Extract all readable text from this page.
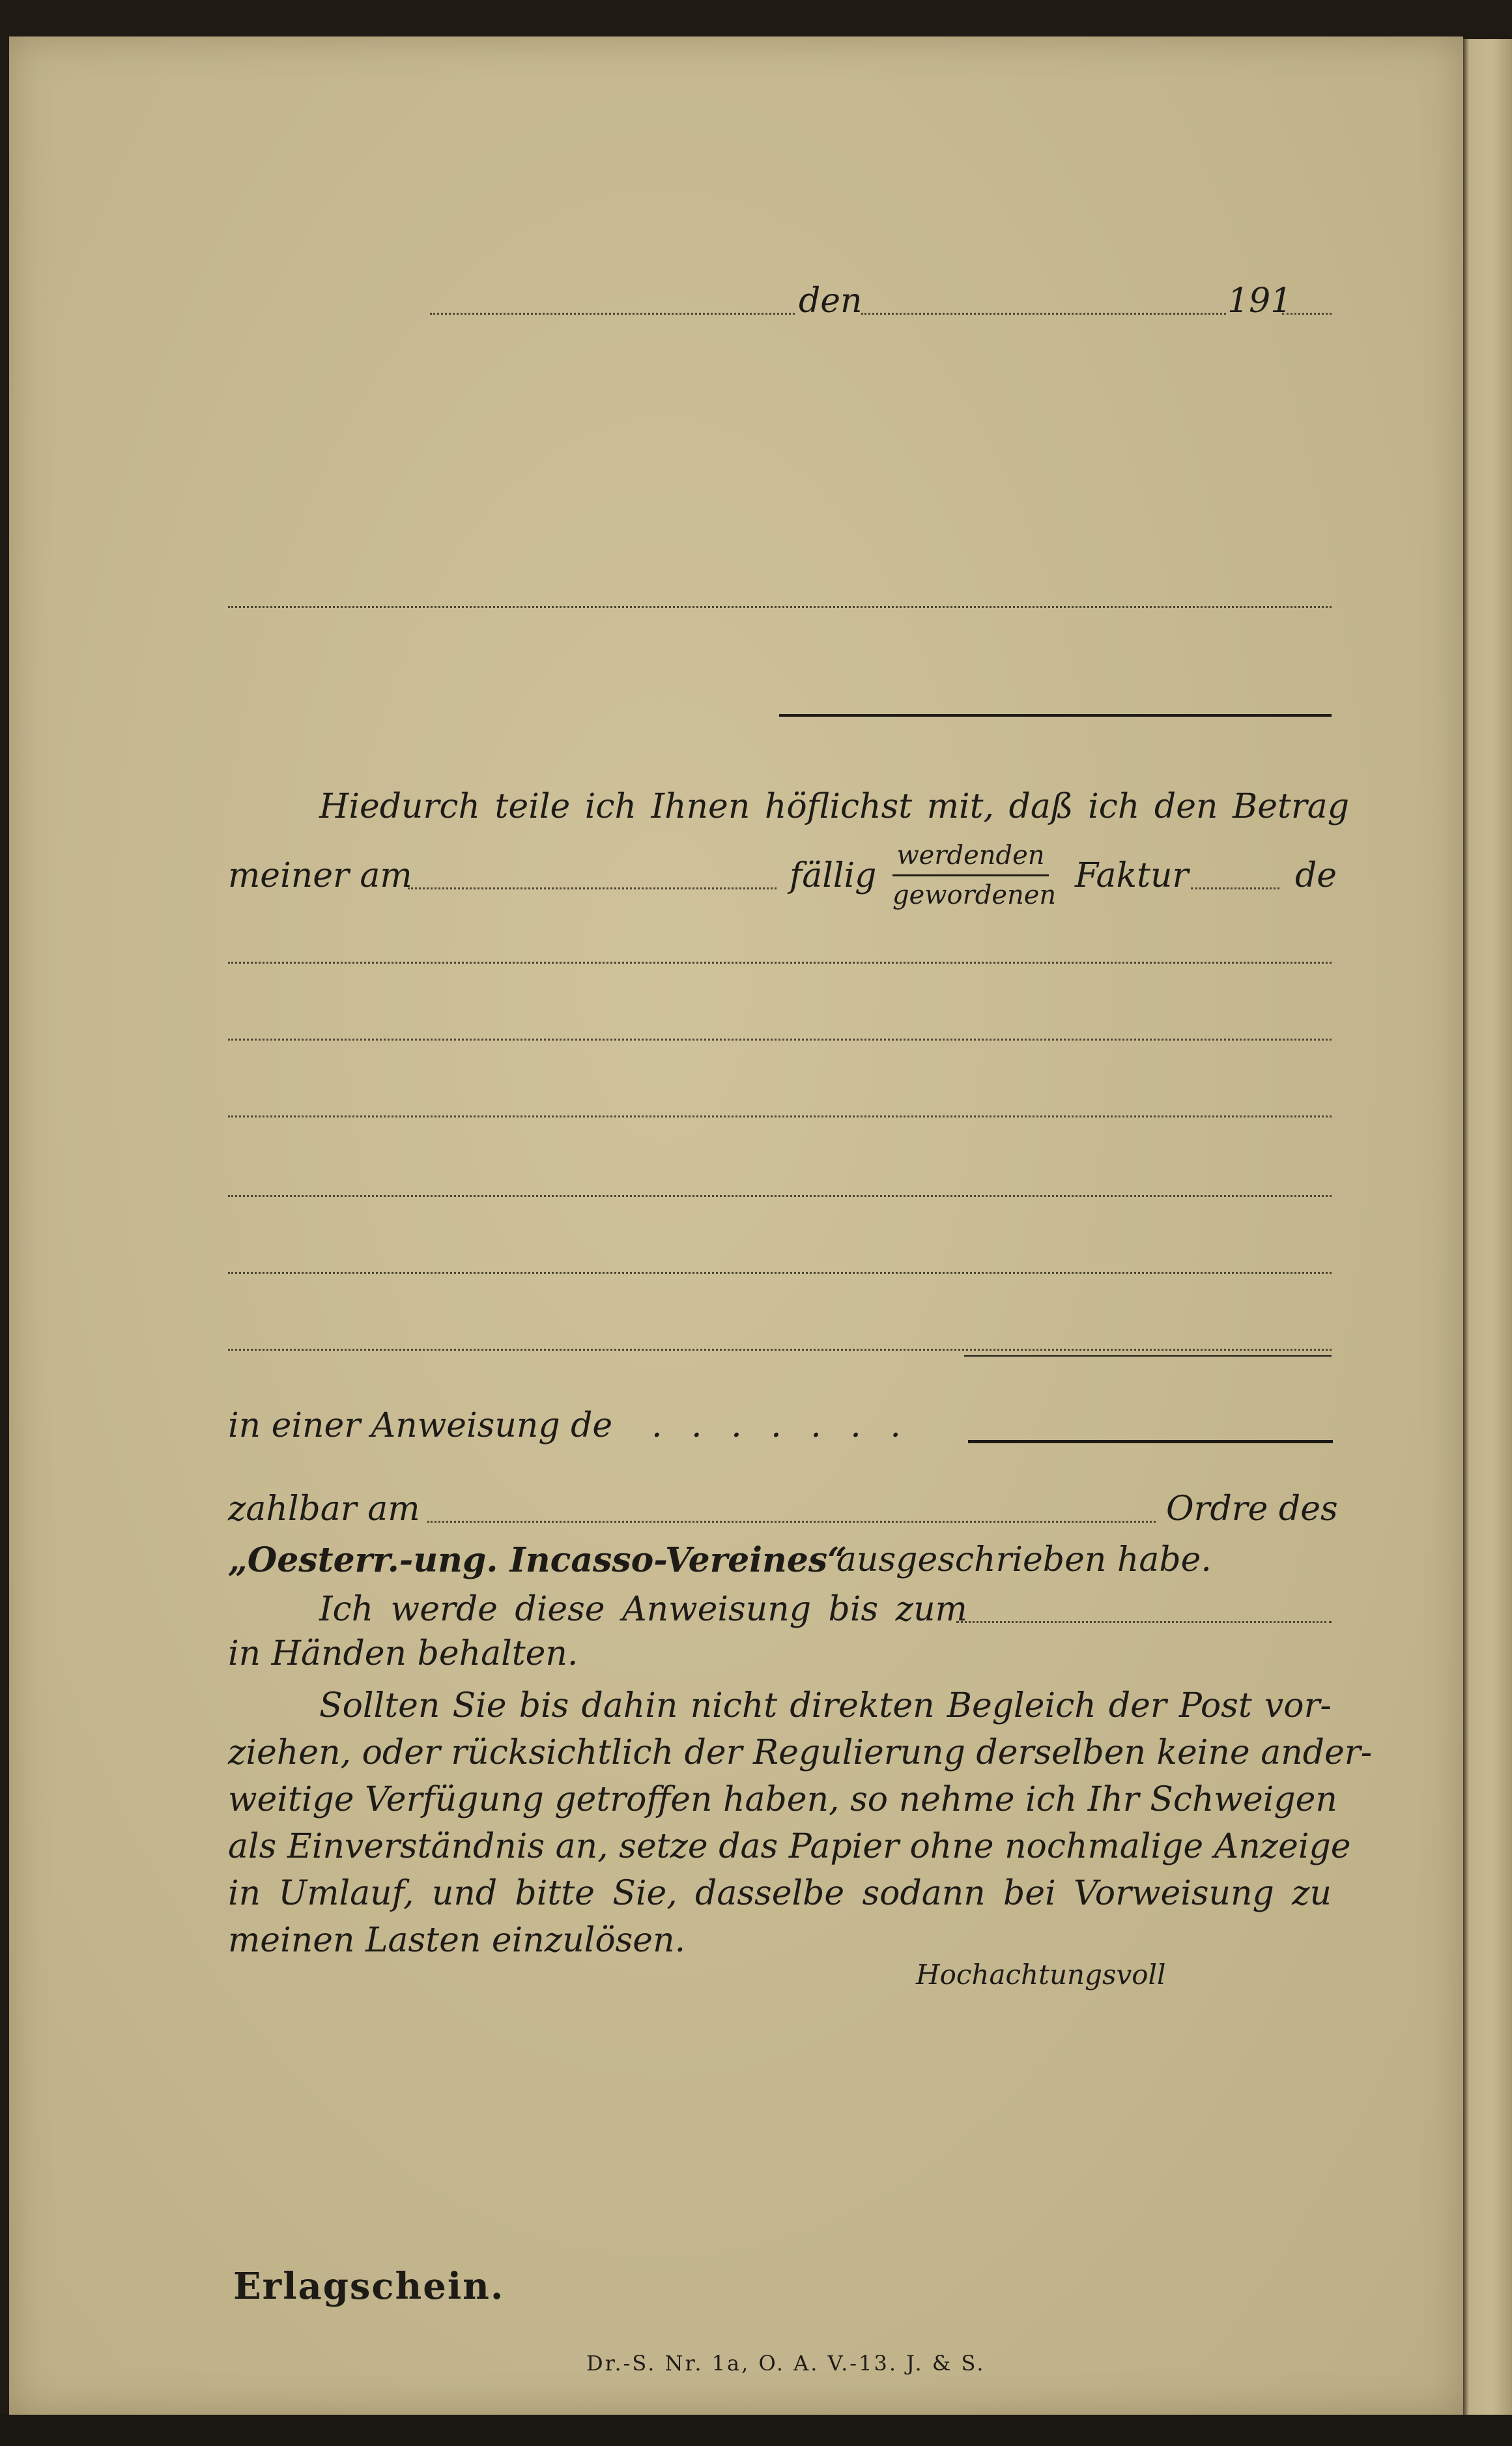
den	191
Hiedurch teile ich Ihnen höflichst mit, daß ich den Betrag
meiner am	fällig
werdenden
gewordenen Faktur	de
in einer Anweisung de . . . . . . .
zahlbar am	Ordre des
„Oesterr.-ung. Incasso-Vereines“
ausgeschrieben habe.
Ich werde diese Anweisung bis zum
in Händen behalten.
Sollten Sie bis dahin nicht direkten Begleich der Post vor-
ziehen, oder rücksichtlich der Regulierung derselben keine ander-
weitige Verfügung getroffen haben, so nehme ich Ihr Schweigen
als Einverständnis an, setze das Papier ohne nochmalige Anzeige
in Umlauf, und bitte Sie, dasselbe sodann bei Vorweisung zu
meinen Lasten einzulösen.
Hochachtungsvoll
Erlagschein.
Dr.-S. Nr. 1a, O. A. V.-13. J. & S.
